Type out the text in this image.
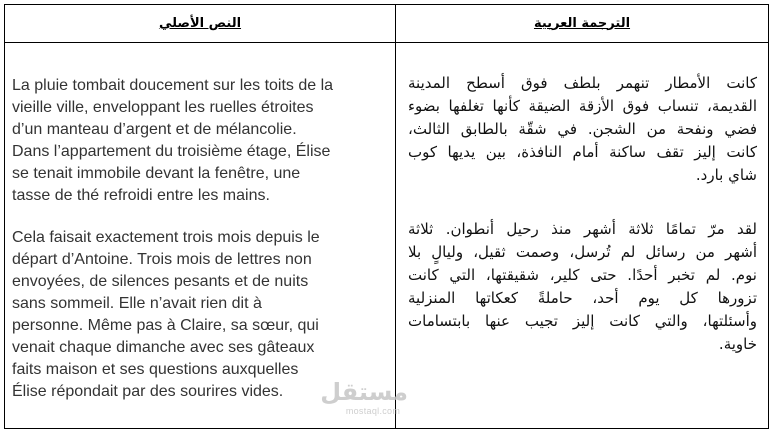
النص الأصلي	الترجمة العربية
La pluie tombait doucement sur les toits de la
vieille ville, enveloppant les ruelles étroites
d’un manteau d’argent et de mélancolie.
Dans l’appartement du troisième étage, Élise
se tenait immobile devant la fenêtre, une
tasse de thé refroidi entre les mains.
Cela faisait exactement trois mois depuis le
départ d’Antoine. Trois mois de lettres non
envoyées, de silences pesants et de nuits
sans sommeil. Elle n’avait rien dit à
personne. Même pas à Claire, sa sœur, qui
venait chaque dimanche avec ses gâteaux
faits maison et ses questions auxquelles
Élise répondait par des sourires vides.
كانت الأمطار تنهمر بلطف فوق أسطح المدينة
القديمة، تنساب فوق الأزقة الضيقة كأنها تغلفها بضوء
فضي ونفحة من الشجن. في شقّة بالطابق الثالث،
كانت إليز تقف ساكنة أمام النافذة، بين يديها كوب
شاي بارد.
لقد مرّ تمامًا ثلاثة أشهر منذ رحيل أنطوان. ثلاثة
أشهر من رسائل لم تُرسل، وصمت ثقيل، وليالٍ بلا
نوم. لم تخبر أحدًا. حتى كلير، شقيقتها، التي كانت
تزورها كل يوم أحد، حاملةً كعكاتها المنزلية
وأسئلتها، والتي كانت إليز تجيب عنها بابتسامات
خاوية.
مستقل
mostaql.com
